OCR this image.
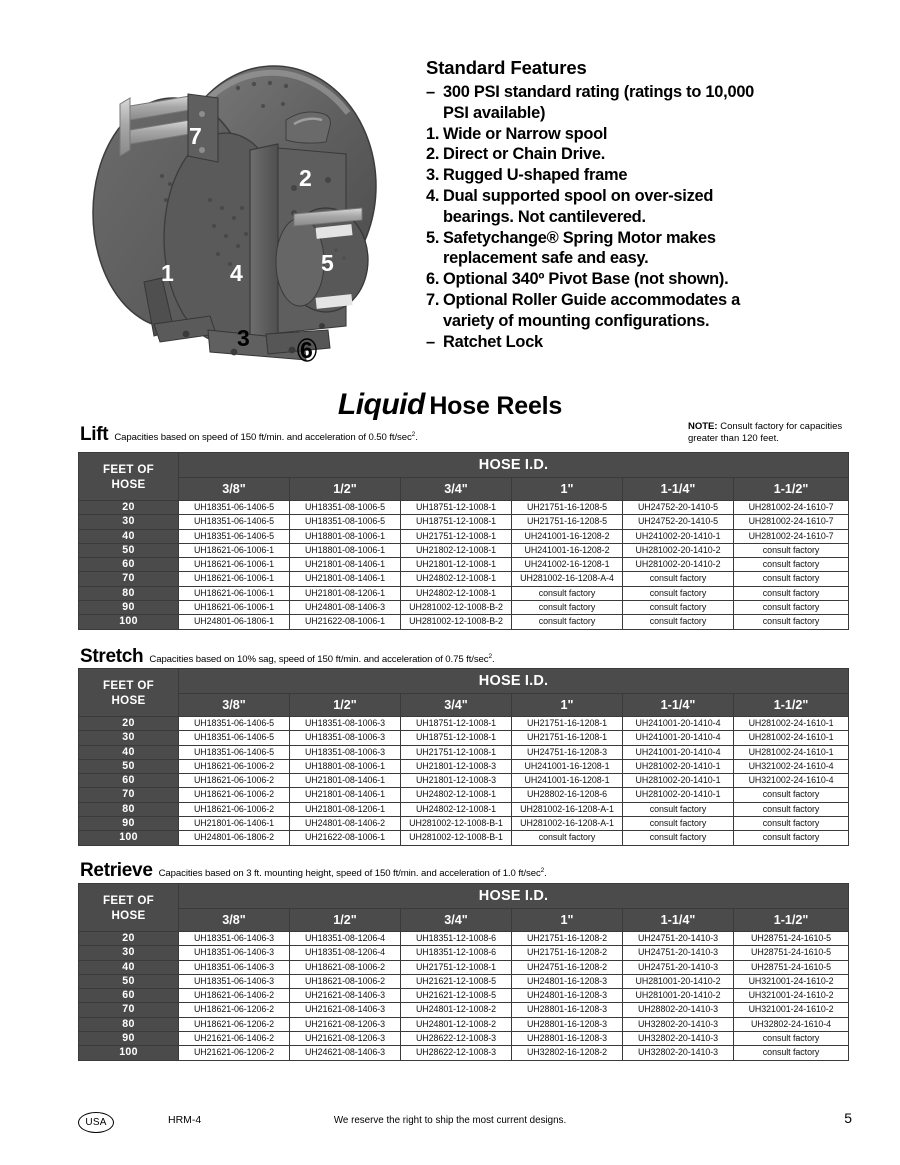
7
2
1 4	5
3 6
Standard Features
– 300 PSI standard rating (ratings to 10,000 PSI available)
1. Wide or Narrow spool
2. Direct or Chain Drive.
3. Rugged U-shaped frame
4. Dual supported spool on over-sized bearings. Not cantilevered.
5. Safetychange® Spring Motor makes replacement safe and easy.
6. Optional 340º Pivot Base (not shown).
7. Optional Roller Guide accommodates a variety of mounting configurations.
– Ratchet Lock
Liquid Hose Reels
NOTE: Consult factory for capacities greater than 120 feet.
Lift Capacities based on speed of 150 ft/min. and acceleration of 0.50 $ft/\sec^2$.
Stretch Capacities based on 10% sag, speed of 150 ft/min. and acceleration of 0.75 $ft/\sec^2$.
Retrieve Capacities based on 3 ft. mounting height, speed of 150 ft/min. and acceleration of 1.0 $ft/\sec^2$.
FEET OF
HOSE	HOSE I.D.					
	3/8"	1/2"	3/4"	1"	1-1/4"	1-1/2"
20	UH18351-06-1406-5	UH18351-08-1006-5	UH18751-12-1008-1	UH21751-16-1208-5	UH24752-20-1410-5	UH281002-24-1610-7
30	UH18351-06-1406-5	UH18351-08-1006-5	UH18751-12-1008-1	UH21751-16-1208-5	UH24752-20-1410-5	UH281002-24-1610-7
40	UH18351-06-1406-5	UH18801-08-1006-1	UH21751-12-1008-1	UH241001-16-1208-2	UH241002-20-1410-1	UH281002-24-1610-7
50	UH18621-06-1006-1	UH18801-08-1006-1	UH21802-12-1008-1	UH241001-16-1208-2	UH281002-20-1410-2	consult factory
60	UH18621-06-1006-1	UH21801-08-1406-1	UH21801-12-1008-1	UH241002-16-1208-1	UH281002-20-1410-2	consult factory
70	UH18621-06-1006-1	UH21801-08-1406-1	UH24802-12-1008-1	UH281002-16-1208-A-4	consult factory	consult factory
80	UH18621-06-1006-1	UH21801-08-1206-1	UH24802-12-1008-1	consult factory	consult factory	consult factory
90	UH18621-06-1006-1	UH24801-08-1406-3	UH281002-12-1008-B-2	consult factory	consult factory	consult factory
100	UH24801-06-1806-1	UH21622-08-1006-1	UH281002-12-1008-B-2	consult factory	consult factory	consult factory
FEET OF
HOSE	HOSE I.D.					
	3/8"	1/2"	3/4"	1"	1-1/4"	1-1/2"
20	UH18351-06-1406-5	UH18351-08-1006-3	UH18751-12-1008-1	UH21751-16-1208-1	UH241001-20-1410-4	UH281002-24-1610-1
30	UH18351-06-1406-5	UH18351-08-1006-3	UH18751-12-1008-1	UH21751-16-1208-1	UH241001-20-1410-4	UH281002-24-1610-1
40	UH18351-06-1406-5	UH18351-08-1006-3	UH21751-12-1008-1	UH24751-16-1208-3	UH241001-20-1410-4	UH281002-24-1610-1
50	UH18621-06-1006-2	UH18801-08-1006-1	UH21801-12-1008-3	UH241001-16-1208-1	UH281002-20-1410-1	UH321002-24-1610-4
60	UH18621-06-1006-2	UH21801-08-1406-1	UH21801-12-1008-3	UH241001-16-1208-1	UH281002-20-1410-1	UH321002-24-1610-4
70	UH18621-06-1006-2	UH21801-08-1406-1	UH24802-12-1008-1	UH28802-16-1208-6	UH281002-20-1410-1	consult factory
80	UH18621-06-1006-2	UH21801-08-1206-1	UH24802-12-1008-1	UH281002-16-1208-A-1	consult factory	consult factory
90	UH21801-06-1406-1	UH24801-08-1406-2	UH281002-12-1008-B-1	UH281002-16-1208-A-1	consult factory	consult factory
100	UH24801-06-1806-2	UH21622-08-1006-1	UH281002-12-1008-B-1	consult factory	consult factory	consult factory
FEET OF
HOSE	HOSE I.D.					
	3/8"	1/2"	3/4"	1"	1-1/4"	1-1/2"
20	UH18351-06-1406-3	UH18351-08-1206-4	UH18351-12-1008-6	UH21751-16-1208-2	UH24751-20-1410-3	UH28751-24-1610-5
30	UH18351-06-1406-3	UH18351-08-1206-4	UH18351-12-1008-6	UH21751-16-1208-2	UH24751-20-1410-3	UH28751-24-1610-5
40	UH18351-06-1406-3	UH18621-08-1006-2	UH21751-12-1008-1	UH24751-16-1208-2	UH24751-20-1410-3	UH28751-24-1610-5
50	UH18351-06-1406-3	UH18621-08-1006-2	UH21621-12-1008-5	UH24801-16-1208-3	UH281001-20-1410-2	UH321001-24-1610-2
60	UH18621-06-1406-2	UH21621-08-1406-3	UH21621-12-1008-5	UH24801-16-1208-3	UH281001-20-1410-2	UH321001-24-1610-2
70	UH18621-06-1206-2	UH21621-08-1406-3	UH24801-12-1008-2	UH28801-16-1208-3	UH28802-20-1410-3	UH321001-24-1610-2
80	UH18621-06-1206-2	UH21621-08-1206-3	UH24801-12-1008-2	UH28801-16-1208-3	UH32802-20-1410-3	UH32802-24-1610-4
90	UH21621-06-1406-2	UH21621-08-1206-3	UH28622-12-1008-3	UH28801-16-1208-3	UH32802-20-1410-3	consult factory
100	UH21621-06-1206-2	UH24621-08-1406-3	UH28622-12-1008-3	UH32802-16-1208-2	UH32802-20-1410-3	consult factory
USA	HRM-4	We reserve the right to ship the most current designs.	5
